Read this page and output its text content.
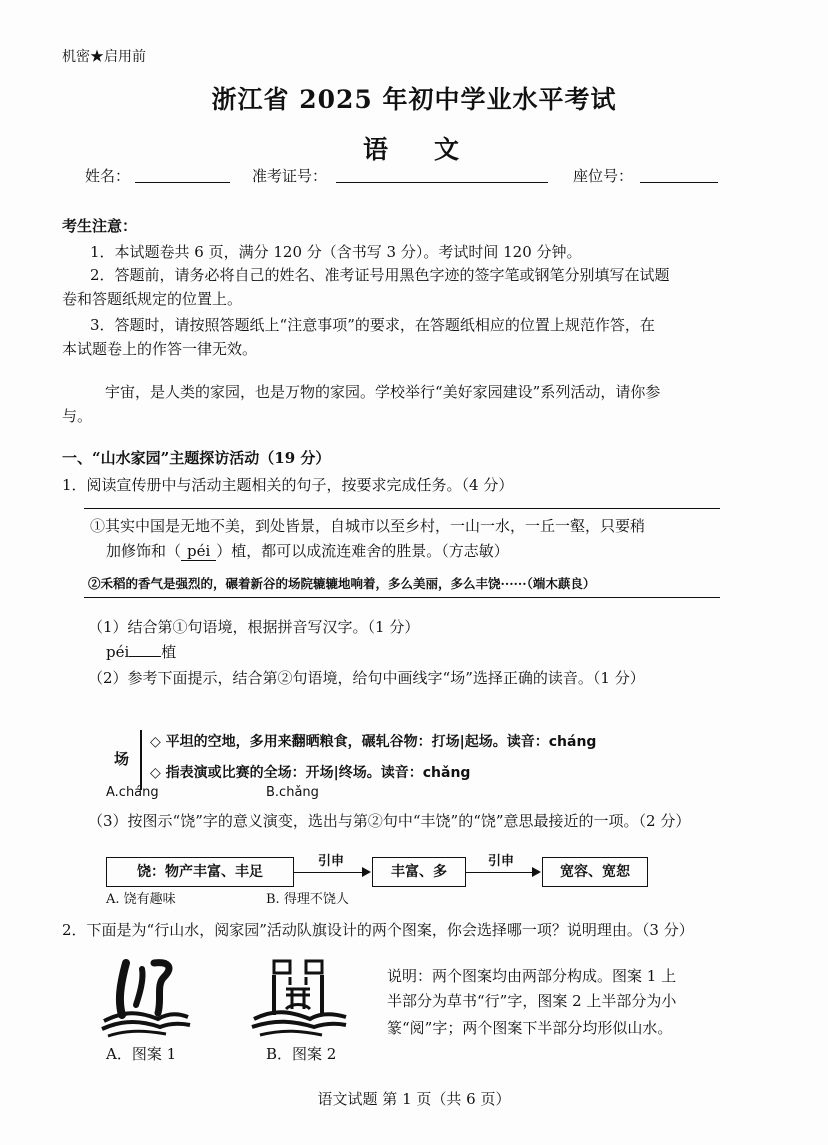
机密★启用前
浙江省 2025 年初中学业水平考试
语文
姓名：	准考证号：	座位号：
考生注意：
1．本试题卷共 6 页，满分 120 分（含书写 3 分）。考试时间 120 分钟。
2．答题前，请务必将自己的姓名、准考证号用黑色字迹的签字笔或钢笔分别填写在试题
卷和答题纸规定的位置上。
3．答题时，请按照答题纸上“注意事项”的要求，在答题纸相应的位置上规范作答，在
本试题卷上的作答一律无效。
宇宙，是人类的家园，也是万物的家园。学校举行“美好家园建设”系列活动，请你参
与。
一、“山水家园”主题探访活动（19 分）
1．阅读宣传册中与活动主题相关的句子，按要求完成任务。（4 分）
①其实中国是无地不美，到处皆景，自城市以至乡村，一山一水，一丘一壑，只要稍
加修饰和（ péi ）植，都可以成流连难舍的胜景。（方志敏）
②禾稻的香气是强烈的，碾着新谷的场院辘辘地响着，多么美丽，多么丰饶······（端木蕻良）
（1）结合第①句语境，根据拼音写汉字。（1 分）
péi 植
（2）参考下面提示，结合第②句语境，给句中画线字“场”选择正确的读音。（1 分）
场
◇ 平坦的空地，多用来翻晒粮食，碾轧谷物：打场|起场。读音：cháng
◇ 指表演或比赛的全场：开场|终场。读音：chǎng
A.cháng	B.chǎng
（3）按图示“饶”字的意义演变，选出与第②句中“丰饶”的“饶”意思最接近的一项。（2 分）
饶：物产丰富、丰足
引申
丰富、多
引申
宽容、宽恕
A. 饶有趣味	B. 得理不饶人
2．下面是为“行山水，阅家园”活动队旗设计的两个图案，你会选择哪一项？说明理由。（3 分）
A．图案 1	B．图案 2
说明：两个图案均由两部分构成。图案 1 上
半部分为草书“行”字，图案 2 上半部分为小
篆“阅”字；两个图案下半部分均形似山水。
语文试题 第 1 页（共 6 页）
